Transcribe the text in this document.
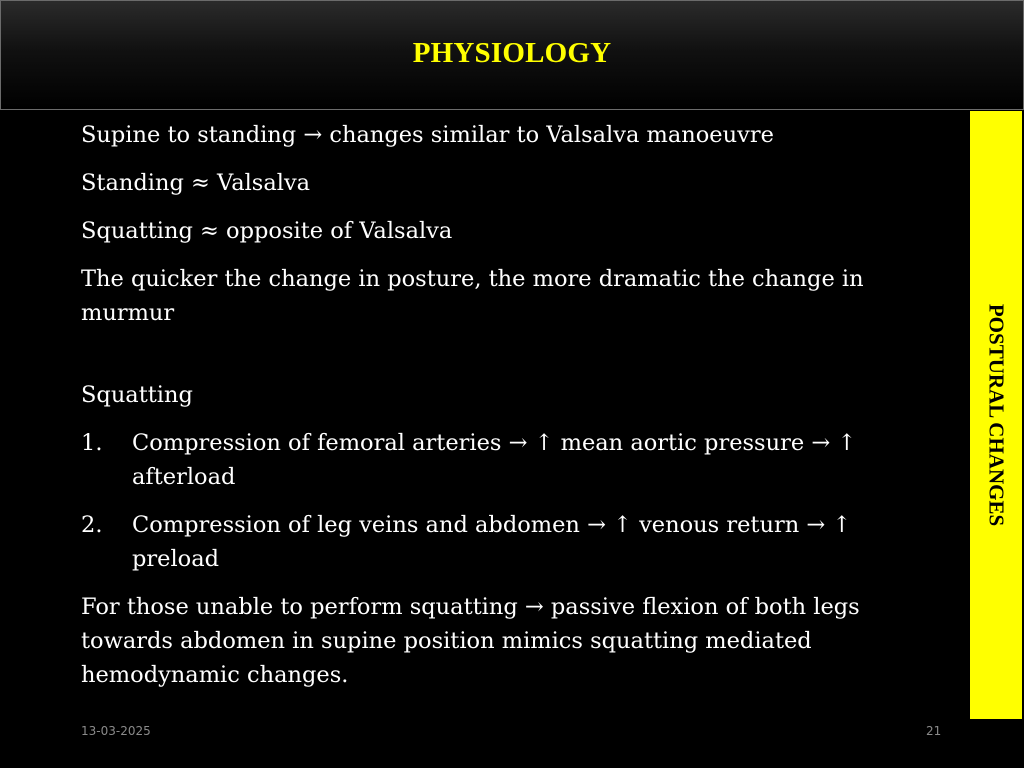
PHYSIOLOGY
POSTURAL CHANGES

Supine to standing → changes similar to Valsalva manoeuvre

Standing ≈ Valsalva

Squatting ≈ opposite of Valsalva

The quicker the change in posture, the more dramatic the change in murmur

Squatting

1.	Compression of femoral arteries → ↑ mean aortic pressure → ↑ afterload
2.	Compression of leg veins and abdomen → ↑ venous return → ↑ preload

For those unable to perform squatting → passive flexion of both legs towards abdomen in supine position mimics squatting mediated hemodynamic changes.

13-03-2025	21
